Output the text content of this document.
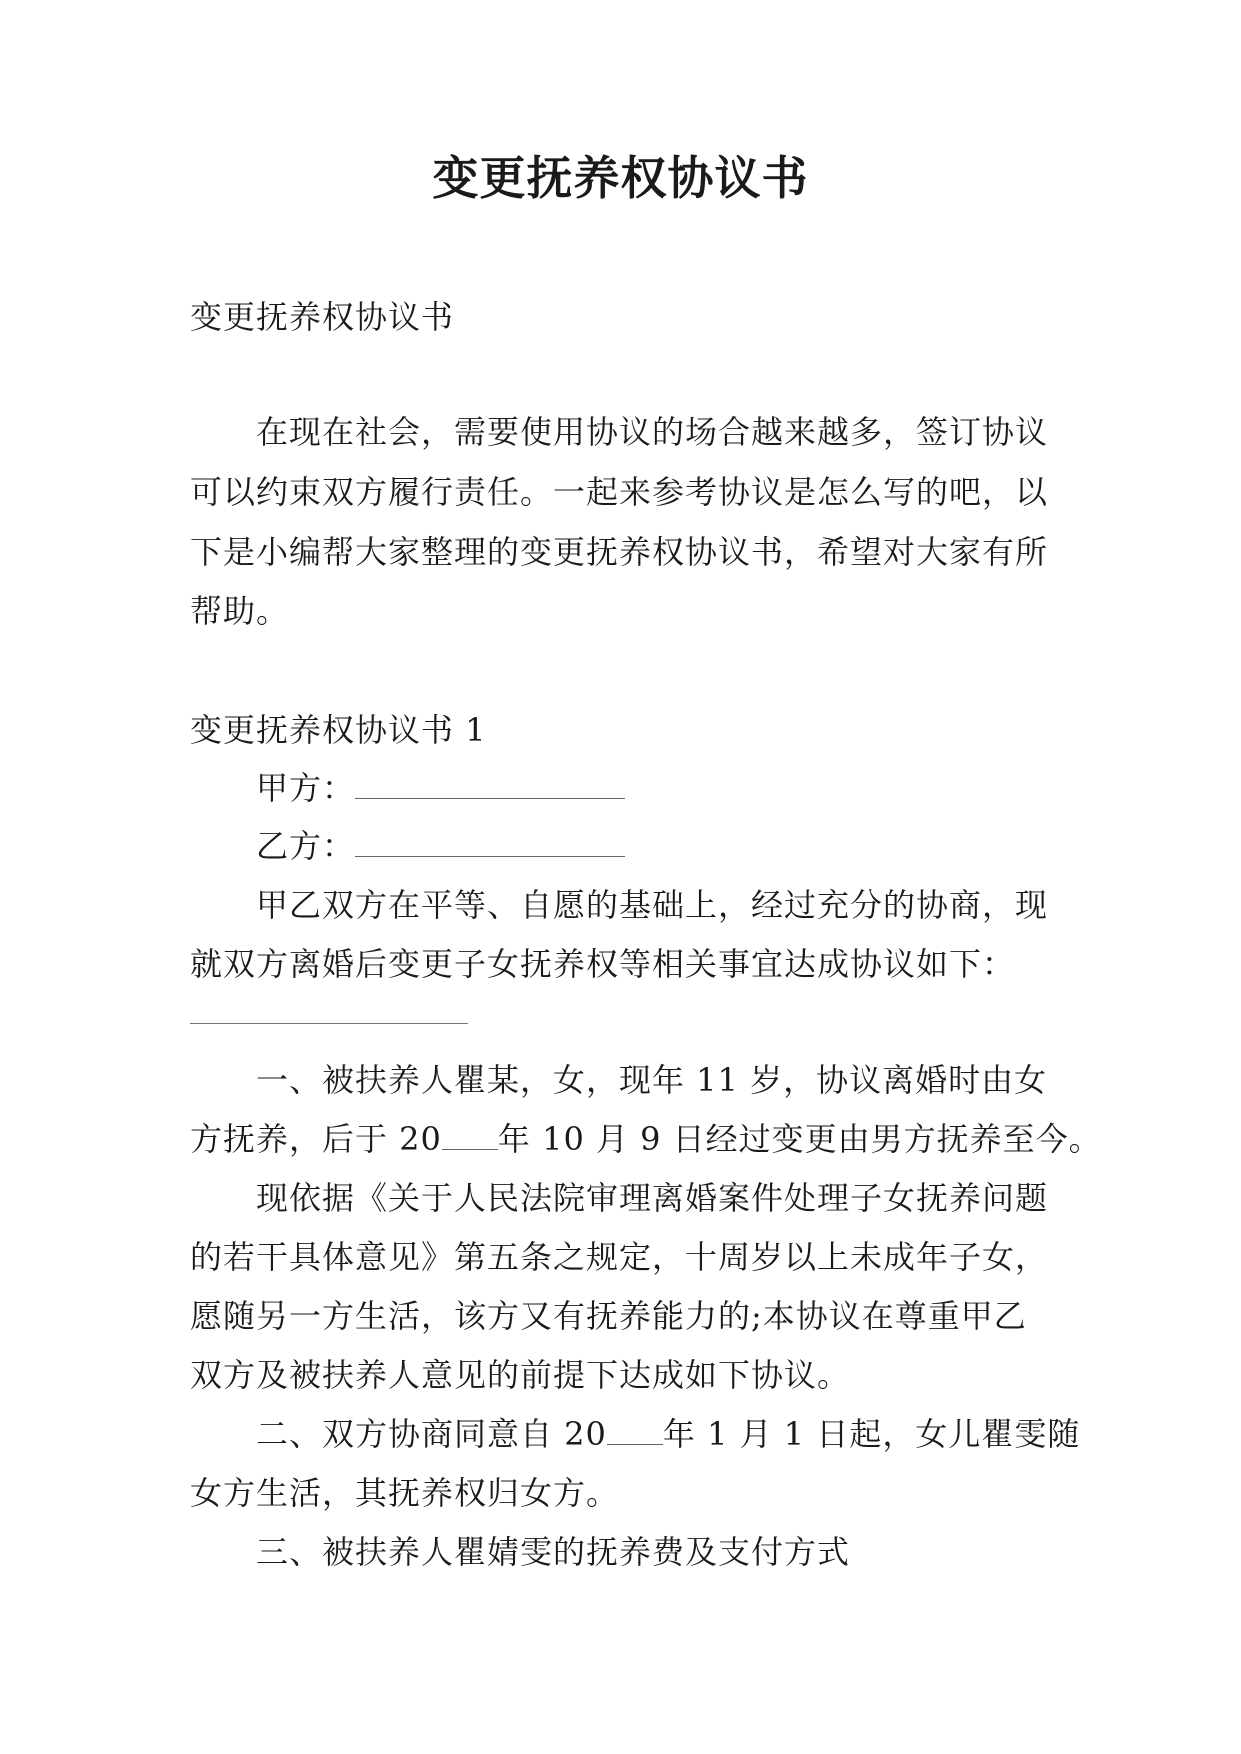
变更抚养权协议书
变更抚养权协议书
在现在社会，需要使用协议的场合越来越多，签订协议
可以约束双方履行责任。一起来参考协议是怎么写的吧，以
下是小编帮大家整理的变更抚养权协议书，希望对大家有所
帮助。
变更抚养权协议书 1
甲方：
乙方：
甲乙双方在平等、自愿的基础上，经过充分的协商，现
就双方离婚后变更子女抚养权等相关事宜达成协议如下：
一、被扶养人瞿某，女，现年 11 岁，协议离婚时由女
方抚养，后于 20 年 10 月 9 日经过变更由男方抚养至今。
现依据《关于人民法院审理离婚案件处理子女抚养问题
的若干具体意见》第五条之规定，十周岁以上未成年子女，
愿随另一方生活，该方又有抚养能力的;本协议在尊重甲乙
双方及被扶养人意见的前提下达成如下协议。
二、双方协商同意自 20 年 1 月 1 日起，女儿瞿雯随
女方生活，其抚养权归女方。
三、被扶养人瞿婧雯的抚养费及支付方式
